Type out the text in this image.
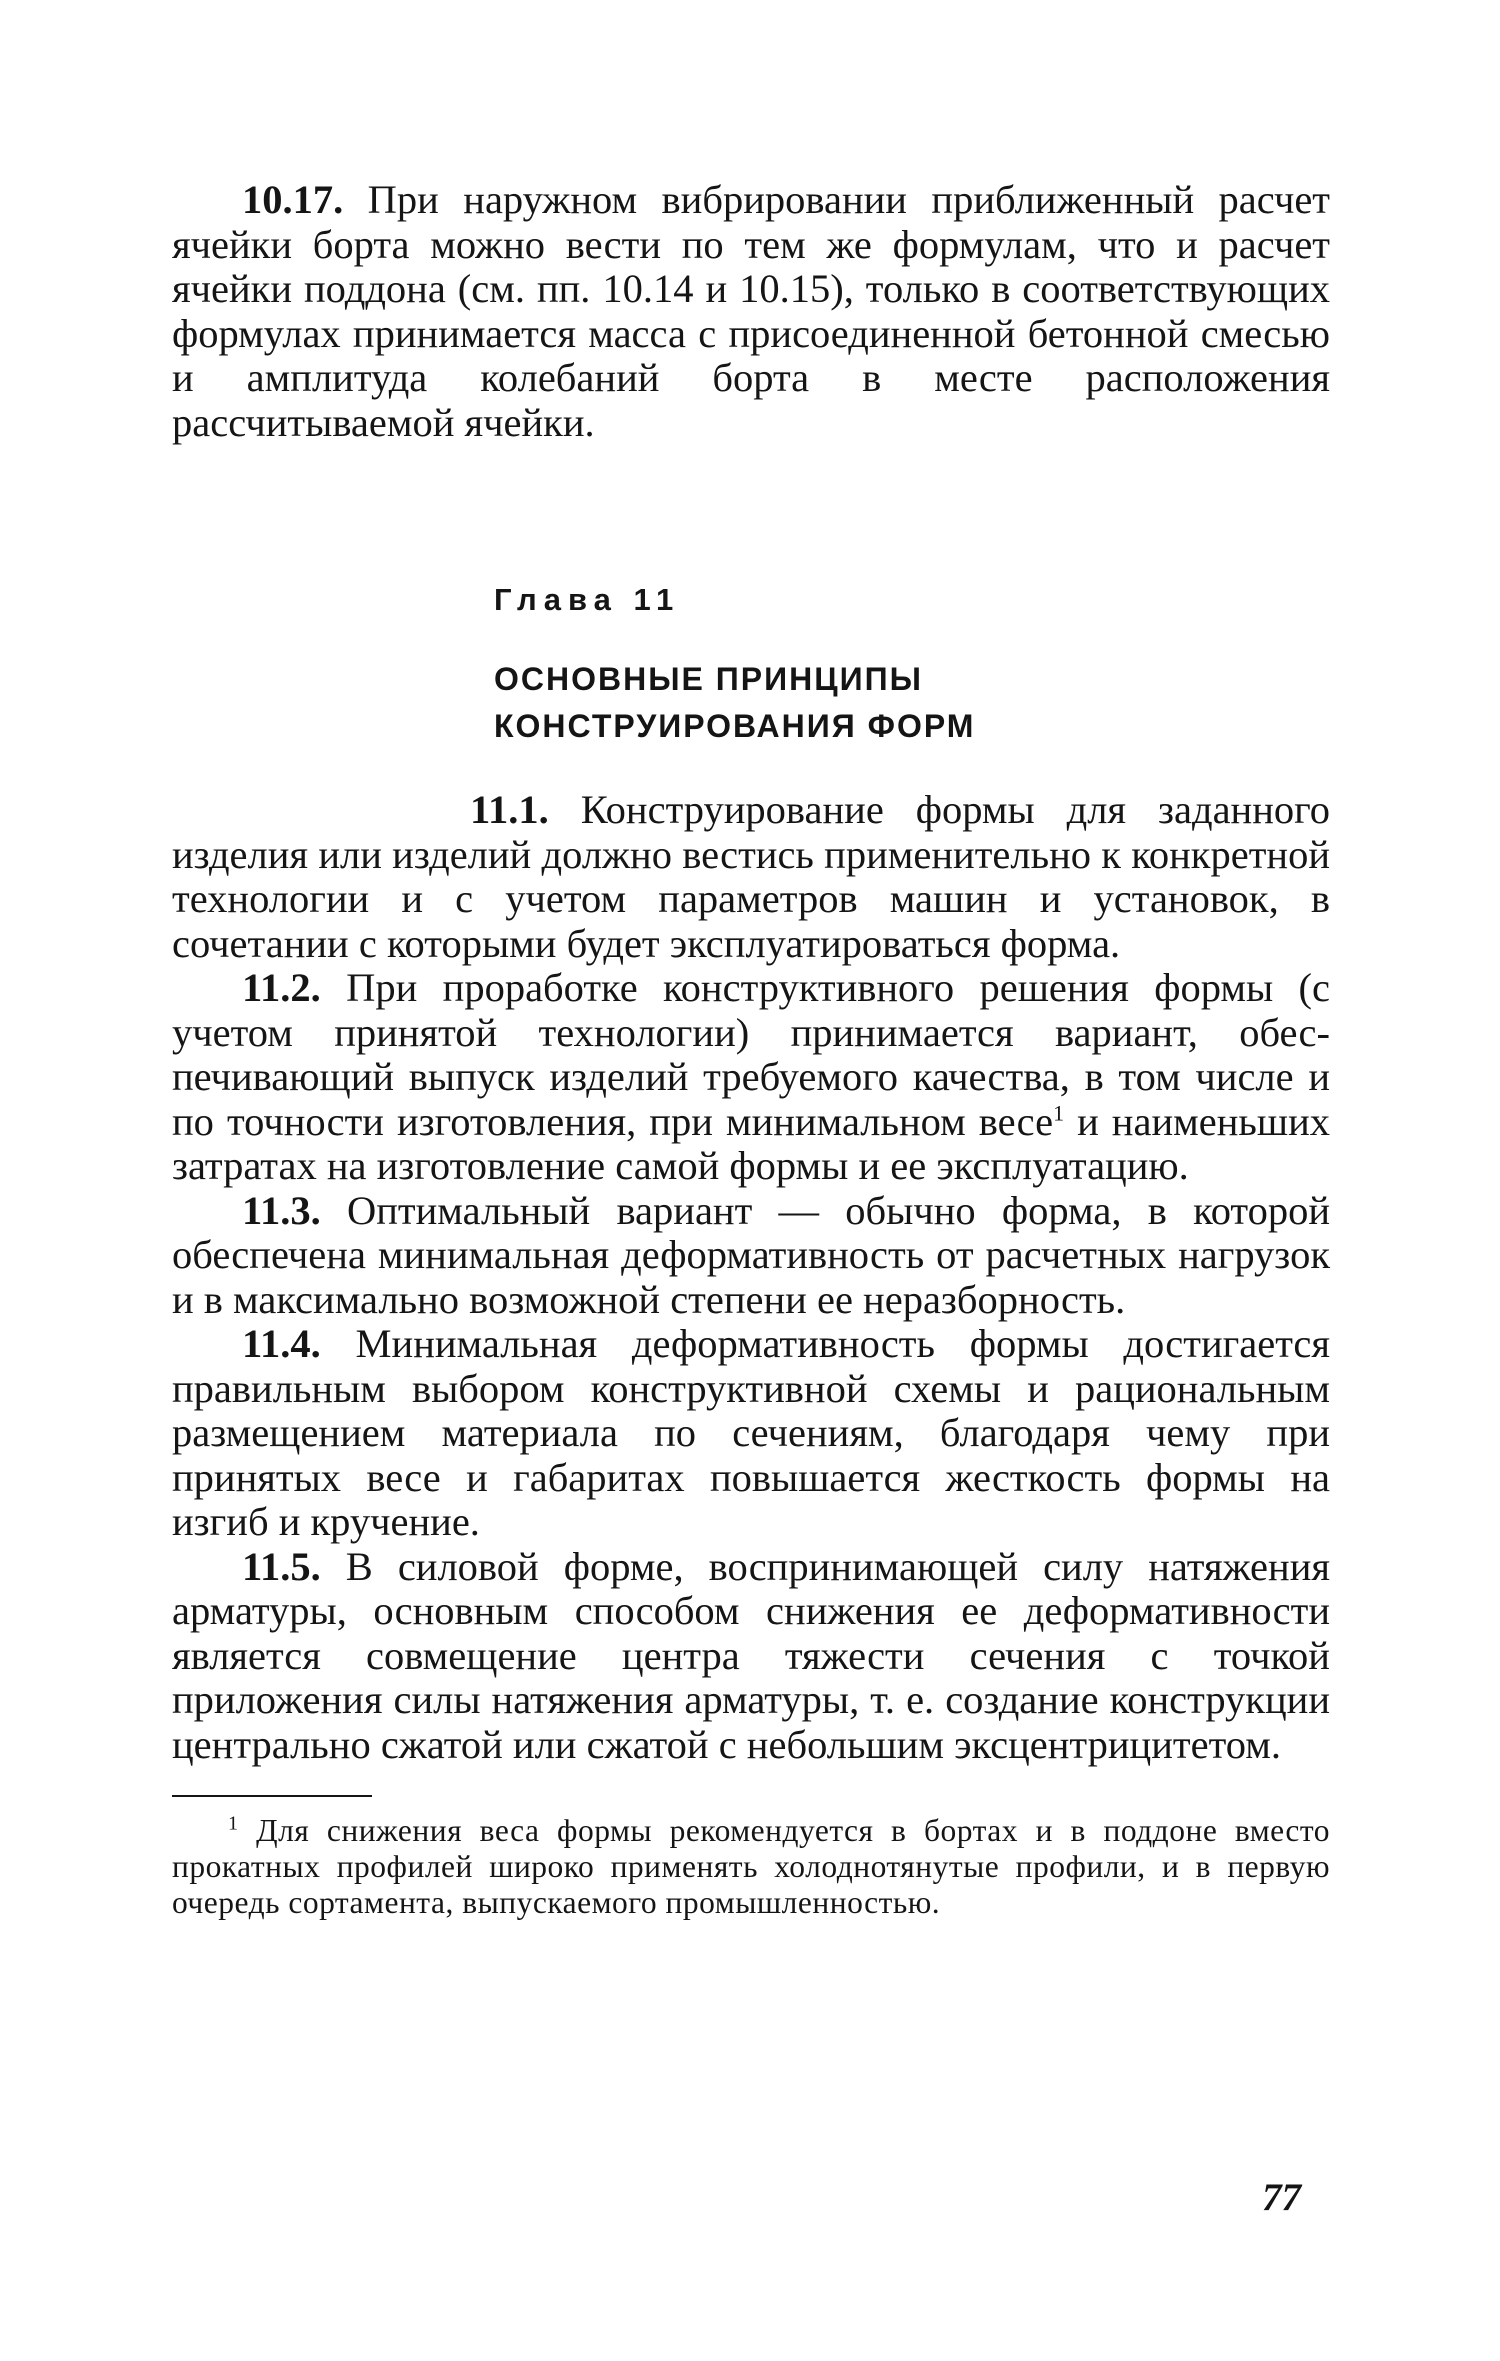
10.17. При наружном вибрировании приближенный расчет ячейки борта можно вести по тем же формулам, что и расчет ячейки поддона (см. пп. 10.14 и 10.15), только в соответствующих формулах принимается масса с присоединенной бетонной смесью и амплитуда колебаний борта в месте расположения рассчитываемой ячейки.

Глава 11
ОСНОВНЫЕ ПРИНЦИПЫ
КОНСТРУИРОВАНИЯ ФОРМ

11.1. Конструирование формы для заданного изделия или изделий должно вестись применительно к конкретной технологии и с учетом параметров машин и установок, в сочетании с которыми будет эксплуатироваться форма.

11.2. При проработке конструктивного решения формы (с учетом принятой технологии) принимается вариант, обеспечивающий выпуск изделий требуемого качества, в том числе и по точности изготовления, при минимальном весе$^1$ и наименьших затратах на изготовление самой формы и ее эксплуатацию.

11.3. Оптимальный вариант — обычно форма, в которой обеспечена минимальная деформативность от расчетных нагрузок и в максимально возможной степени ее неразборность.

11.4. Минимальная деформативность формы достигается правильным выбором конструктивной схемы и рациональным размещением материала по сечениям, благодаря чему при принятых весе и габаритах повышается жесткость формы на изгиб и кручение.

11.5. В силовой форме, воспринимающей силу натяжения арматуры, основным способом снижения ее деформативности является совмещение центра тяжести сечения с точкой приложения силы натяжения арматуры, т. е. создание конструкции центрально сжатой или сжатой с небольшим эксцентрицитетом.

$^1$ Для снижения веса формы рекомендуется в бортах и в поддоне вместо прокатных профилей широко применять холоднотянутые профили, и в первую очередь сортамента, выпускаемого промышленностью.

77
